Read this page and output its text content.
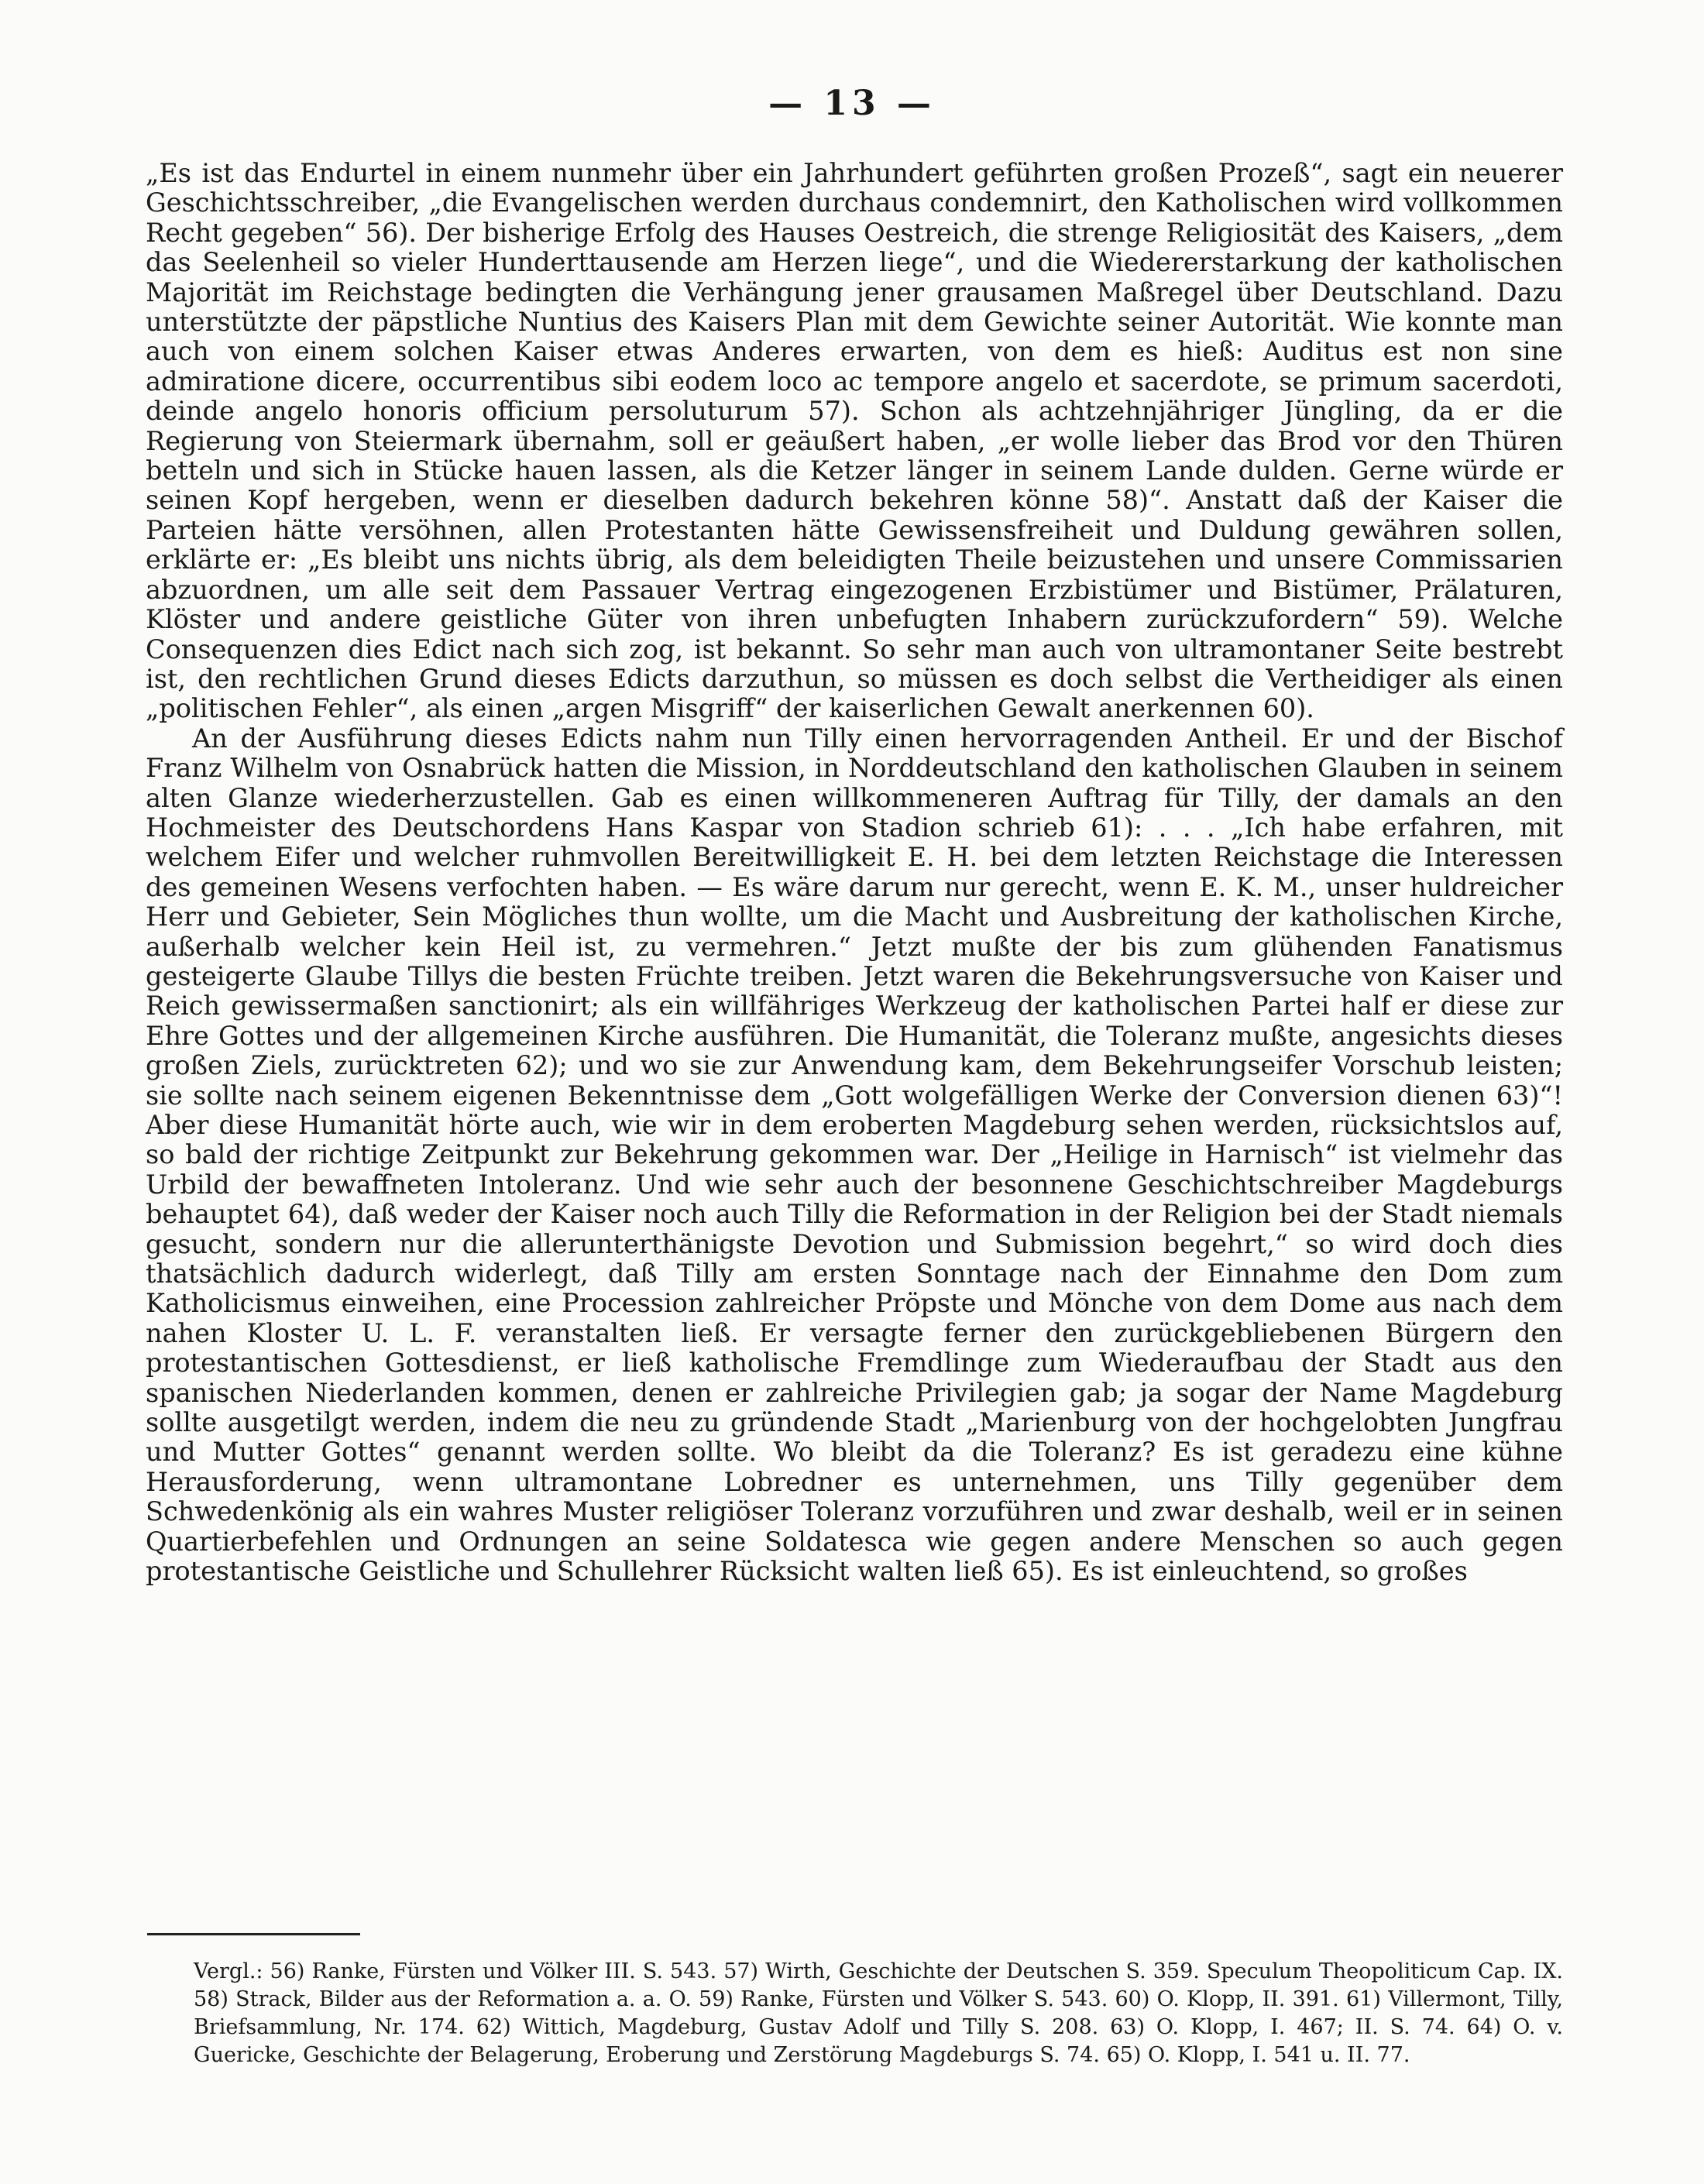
— 13 —

„Es ist das Endurtel in einem nunmehr über ein Jahrhundert geführten großen Prozeß“, sagt ein neuerer Geschichtsschreiber, „die Evangelischen werden durchaus condemnirt, den Katholischen wird vollkommen Recht gegeben“ 56). Der bisherige Erfolg des Hauses Oestreich, die strenge Religiosität des Kaisers, „dem das Seelenheil so vieler Hunderttausende am Herzen liege“, und die Wiedererstarkung der katholischen Majorität im Reichstage bedingten die Verhängung jener grausamen Maßregel über Deutschland. Dazu unterstützte der päpstliche Nuntius des Kaisers Plan mit dem Gewichte seiner Autorität. Wie konnte man auch von einem solchen Kaiser etwas Anderes erwarten, von dem es hieß: Auditus est non sine admiratione dicere, occurrentibus sibi eodem loco ac tempore angelo et sacerdote, se primum sacerdoti, deinde angelo honoris officium persoluturum 57). Schon als achtzehnjähriger Jüngling, da er die Regierung von Steiermark übernahm, soll er geäußert haben, „er wolle lieber das Brod vor den Thüren betteln und sich in Stücke hauen lassen, als die Ketzer länger in seinem Lande dulden. Gerne würde er seinen Kopf hergeben, wenn er dieselben dadurch bekehren könne 58)“. Anstatt daß der Kaiser die Parteien hätte versöhnen, allen Protestanten hätte Gewissensfreiheit und Duldung gewähren sollen, erklärte er: „Es bleibt uns nichts übrig, als dem beleidigten Theile beizustehen und unsere Commissarien abzuordnen, um alle seit dem Passauer Vertrag eingezogenen Erzbistümer und Bistümer, Prälaturen, Klöster und andere geistliche Güter von ihren unbefugten Inhabern zurückzufordern“ 59). Welche Consequenzen dies Edict nach sich zog, ist bekannt. So sehr man auch von ultramontaner Seite bestrebt ist, den rechtlichen Grund dieses Edicts darzuthun, so müssen es doch selbst die Vertheidiger als einen „politischen Fehler“, als einen „argen Misgriff“ der kaiserlichen Gewalt anerkennen 60).

An der Ausführung dieses Edicts nahm nun Tilly einen hervorragenden Antheil. Er und der Bischof Franz Wilhelm von Osnabrück hatten die Mission, in Norddeutschland den katholischen Glauben in seinem alten Glanze wiederherzustellen. Gab es einen willkommeneren Auftrag für Tilly, der damals an den Hochmeister des Deutschordens Hans Kaspar von Stadion schrieb 61): . . . „Ich habe erfahren, mit welchem Eifer und welcher ruhmvollen Bereitwilligkeit E. H. bei dem letzten Reichstage die Interessen des gemeinen Wesens verfochten haben. — Es wäre darum nur gerecht, wenn E. K. M., unser huldreicher Herr und Gebieter, Sein Mögliches thun wollte, um die Macht und Ausbreitung der katholischen Kirche, außerhalb welcher kein Heil ist, zu vermehren.“ Jetzt mußte der bis zum glühenden Fanatismus gesteigerte Glaube Tillys die besten Früchte treiben. Jetzt waren die Bekehrungsversuche von Kaiser und Reich gewissermaßen sanctionirt; als ein willfähriges Werkzeug der katholischen Partei half er diese zur Ehre Gottes und der allgemeinen Kirche ausführen. Die Humanität, die Toleranz mußte, angesichts dieses großen Ziels, zurücktreten 62); und wo sie zur Anwendung kam, dem Bekehrungseifer Vorschub leisten; sie sollte nach seinem eigenen Bekenntnisse dem „Gott wolgefälligen Werke der Conversion dienen 63)“! Aber diese Humanität hörte auch, wie wir in dem eroberten Magdeburg sehen werden, rücksichtslos auf, so bald der richtige Zeitpunkt zur Bekehrung gekommen war. Der „Heilige in Harnisch“ ist vielmehr das Urbild der bewaffneten Intoleranz. Und wie sehr auch der besonnene Geschichtschreiber Magdeburgs behauptet 64), daß weder der Kaiser noch auch Tilly die Reformation in der Religion bei der Stadt niemals gesucht, sondern nur die allerunterthänigste Devotion und Submission begehrt,“ so wird doch dies thatsächlich dadurch widerlegt, daß Tilly am ersten Sonntage nach der Einnahme den Dom zum Katholicismus einweihen, eine Procession zahlreicher Pröpste und Mönche von dem Dome aus nach dem nahen Kloster U. L. F. veranstalten ließ. Er versagte ferner den zurückgebliebenen Bürgern den protestantischen Gottesdienst, er ließ katholische Fremdlinge zum Wiederaufbau der Stadt aus den spanischen Niederlanden kommen, denen er zahlreiche Privilegien gab; ja sogar der Name Magdeburg sollte ausgetilgt werden, indem die neu zu gründende Stadt „Marienburg von der hochgelobten Jungfrau und Mutter Gottes“ genannt werden sollte. Wo bleibt da die Toleranz? Es ist geradezu eine kühne Herausforderung, wenn ultramontane Lobredner es unternehmen, uns Tilly gegenüber dem Schwedenkönig als ein wahres Muster religiöser Toleranz vorzuführen und zwar deshalb, weil er in seinen Quartierbefehlen und Ordnungen an seine Soldatesca wie gegen andere Menschen so auch gegen protestantische Geistliche und Schullehrer Rücksicht walten ließ 65). Es ist einleuchtend, so großes

Vergl.: 56) Ranke, Fürsten und Völker III. S. 543. 57) Wirth, Geschichte der Deutschen S. 359. Speculum Theopoliticum Cap. IX. 58) Strack, Bilder aus der Reformation a. a. O. 59) Ranke, Fürsten und Völker S. 543. 60) O. Klopp, II. 391. 61) Villermont, Tilly, Briefsammlung, Nr. 174. 62) Wittich, Magdeburg, Gustav Adolf und Tilly S. 208. 63) O. Klopp, I. 467; II. S. 74. 64) O. v. Guericke, Geschichte der Belagerung, Eroberung und Zerstörung Magdeburgs S. 74. 65) O. Klopp, I. 541 u. II. 77.
